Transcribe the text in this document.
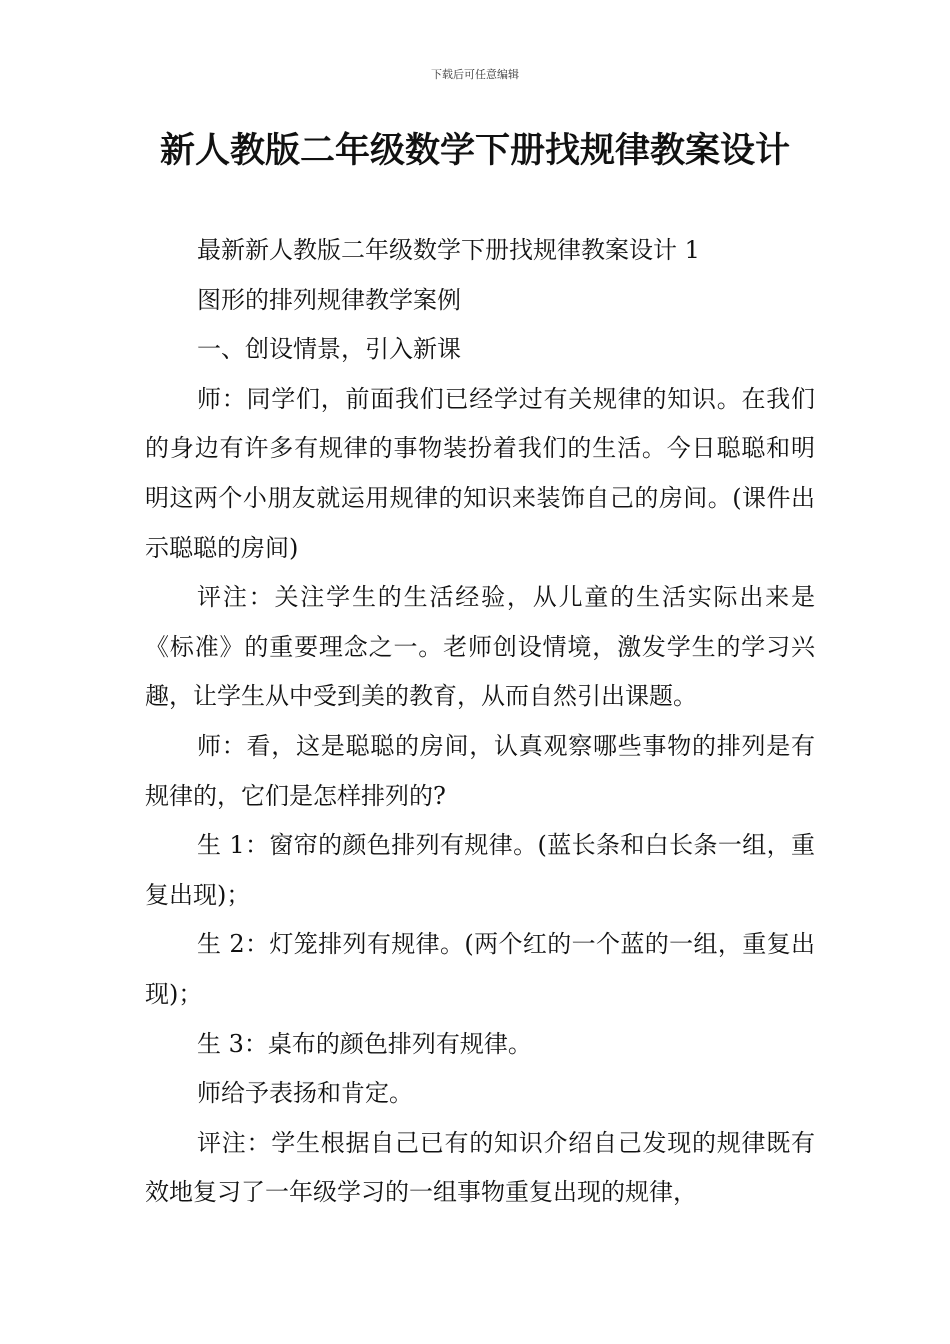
下载后可任意编辑
新人教版二年级数学下册找规律教案设计

最新新人教版二年级数学下册找规律教案设计 1

图形的排列规律教学案例

一、创设情景，引入新课

师：同学们，前面我们已经学过有关规律的知识。在我们的身边有许多有规律的事物装扮着我们的生活。今日聪聪和明明这两个小朋友就运用规律的知识来装饰自己的房间。(课件出示聪聪的房间)

评注：关注学生的生活经验，从儿童的生活实际出来是《标准》的重要理念之一。老师创设情境，激发学生的学习兴趣，让学生从中受到美的教育，从而自然引出课题。

师：看，这是聪聪的房间，认真观察哪些事物的排列是有规律的，它们是怎样排列的?

生 1：窗帘的颜色排列有规律。(蓝长条和白长条一组，重复出现)；

生 2：灯笼排列有规律。(两个红的一个蓝的一组，重复出现)；

生 3：桌布的颜色排列有规律。

师给予表扬和肯定。

评注：学生根据自己已有的知识介绍自己发现的规律既有效地复习了一年级学习的一组事物重复出现的规律，
